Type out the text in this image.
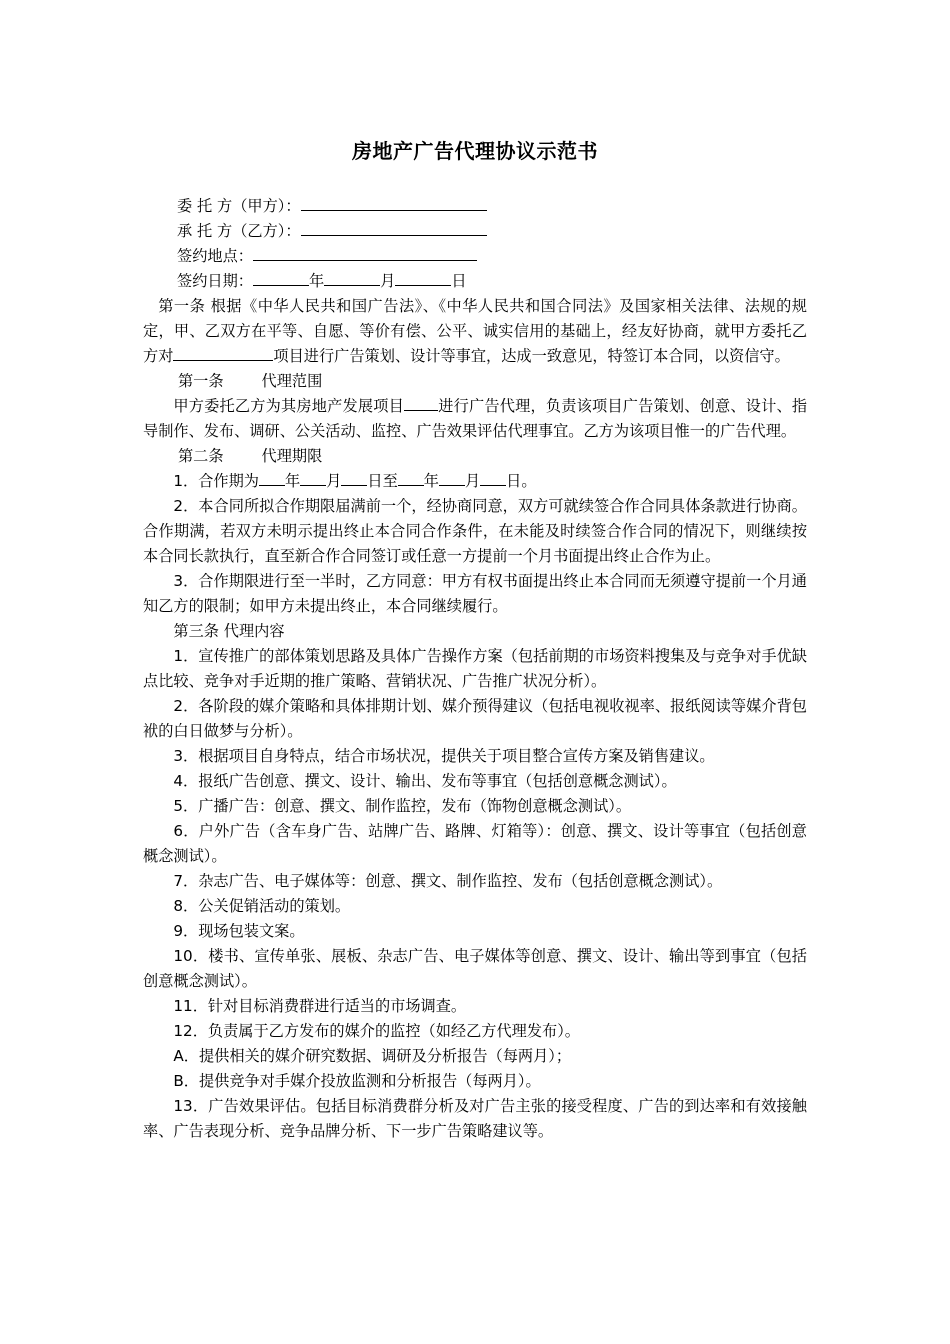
房地产广告代理协议示范书

委 托 方（甲方）：

承 托 方（乙方）：

签约地点：

签约日期：	年	月	日

第一条 根据《中华人民共和国广告法》、《中华人民共和国合同法》及国家相关法律、法规的规定，甲、乙双方在平等、自愿、等价有偿、公平、诚实信用的基础上，经友好协商，就甲方委托乙方对	项目进行广告策划、设计等事宜，达成一致意见，特签订本合同，以资信守。

第一条	代理范围

甲方委托乙方为其房地产发展项目 进行广告代理，负责该项目广告策划、创意、设计、指导制作、发布、调研、公关活动、监控、广告效果评估代理事宜。乙方为该项目惟一的广告代理。

第二条	代理期限

1．合作期为 年 月 日至 年 月 日。

2．本合同所拟合作期限届满前一个，经协商同意，双方可就续签合作合同具体条款进行协商。合作期满，若双方未明示提出终止本合同合作条件，在未能及时续签合作合同的情况下，则继续按本合同长款执行，直至新合作合同签订或任意一方提前一个月书面提出终止合作为止。

3．合作期限进行至一半时，乙方同意：甲方有权书面提出终止本合同而无须遵守提前一个月通知乙方的限制；如甲方未提出终止，本合同继续履行。

第三条 代理内容

1．宣传推广的部体策划思路及具体广告操作方案（包括前期的市场资料搜集及与竞争对手优缺点比较、竞争对手近期的推广策略、营销状况、广告推广状况分析）。

2．各阶段的媒介策略和具体排期计划、媒介预得建议（包括电视收视率、报纸阅读等媒介背包袱的白日做梦与分析）。

3．根据项目自身特点，结合市场状况，提供关于项目整合宣传方案及销售建议。

4．报纸广告创意、撰文、设计、输出、发布等事宜（包括创意概念测试）。

5．广播广告：创意、撰文、制作监控，发布（饰物创意概念测试）。

6．户外广告（含车身广告、站牌广告、路牌、灯箱等）：创意、撰文、设计等事宜（包括创意概念测试）。

7．杂志广告、电子媒体等：创意、撰文、制作监控、发布（包括创意概念测试）。

8．公关促销活动的策划。

9．现场包装文案。

10．楼书、宣传单张、展板、杂志广告、电子媒体等创意、撰文、设计、输出等到事宜（包括创意概念测试）。

11．针对目标消费群进行适当的市场调查。

12．负责属于乙方发布的媒介的监控（如经乙方代理发布）。

A．提供相关的媒介研究数据、调研及分析报告（每两月）；

B．提供竞争对手媒介投放监测和分析报告（每两月）。

13．广告效果评估。包括目标消费群分析及对广告主张的接受程度、广告的到达率和有效接触率、广告表现分析、竞争品牌分析、下一步广告策略建议等。
